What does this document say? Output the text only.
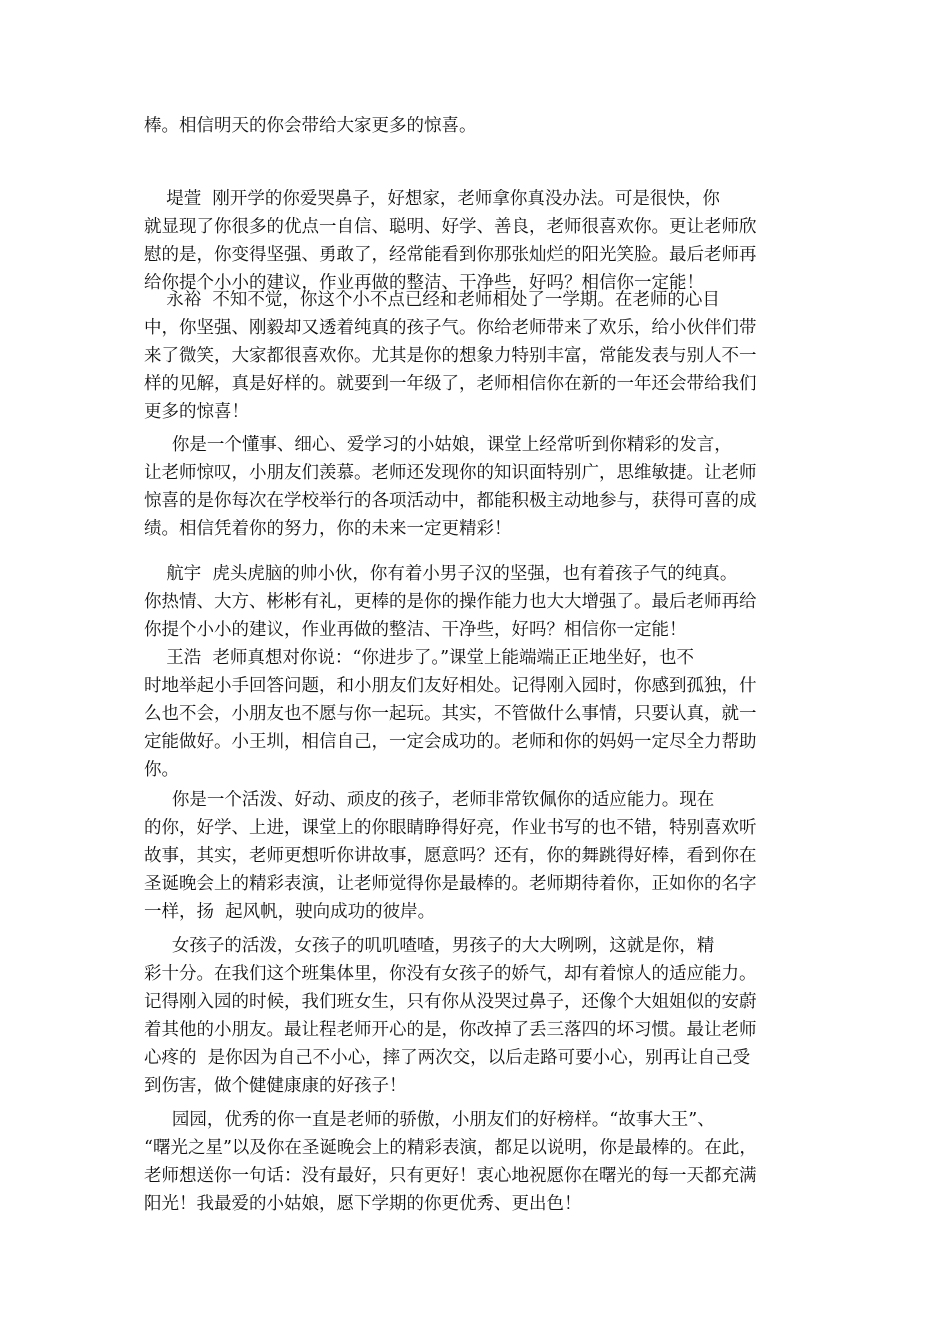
棒。相信明天的你会带给大家更多的惊喜。
堤萱  刚开学的你爱哭鼻子，好想家，老师拿你真没办法。可是很快，你
就显现了你很多的优点一自信、聪明、好学、善良，老师很喜欢你。更让老师欣
慰的是，你变得坚强、勇敢了，经常能看到你那张灿烂的阳光笑脸。最后老师再
给你提个小小的建议，作业再做的整洁、干净些，好吗？相信你一定能！
永裕  不知不觉，你这个小不点已经和老师相处了一学期。在老师的心目
中，你坚强、刚毅却又透着纯真的孩子气。你给老师带来了欢乐，给小伙伴们带
来了微笑，大家都很喜欢你。尤其是你的想象力特别丰富，常能发表与别人不一
样的见解，真是好样的。就要到一年级了，老师相信你在新的一年还会带给我们
更多的惊喜！
你是一个懂事、细心、爱学习的小姑娘，课堂上经常听到你精彩的发言，
让老师惊叹，小朋友们羡慕。老师还发现你的知识面特别广，思维敏捷。让老师
惊喜的是你每次在学校举行的各项活动中，都能积极主动地参与，获得可喜的成
绩。相信凭着你的努力，你的未来一定更精彩！
航宇  虎头虎脑的帅小伙，你有着小男子汉的坚强，也有着孩子气的纯真。
你热情、大方、彬彬有礼，更棒的是你的操作能力也大大增强了。最后老师再给
你提个小小的建议，作业再做的整洁、干净些，好吗？相信你一定能！
王浩  老师真想对你说：“你进步了。”课堂上能端端正正地坐好，也不
时地举起小手回答问题，和小朋友们友好相处。记得刚入园时，你感到孤独，什
么也不会，小朋友也不愿与你一起玩。其实，不管做什么事情，只要认真，就一
定能做好。小王圳，相信自己，一定会成功的。老师和你的妈妈一定尽全力帮助
你。
你是一个活泼、好动、顽皮的孩子，老师非常钦佩你的适应能力。现在
的你，好学、上进，课堂上的你眼睛睁得好亮，作业书写的也不错，特别喜欢听
故事，其实，老师更想听你讲故事，愿意吗？还有，你的舞跳得好棒，看到你在
圣诞晚会上的精彩表演，让老师觉得你是最棒的。老师期待着你，正如你的名字
一样，扬  起风帆，驶向成功的彼岸。
女孩子的活泼，女孩子的叽叽喳喳，男孩子的大大咧咧，这就是你，精
彩十分。在我们这个班集体里，你没有女孩子的娇气，却有着惊人的适应能力。
记得刚入园的时候，我们班女生，只有你从没哭过鼻子，还像个大姐姐似的安蔚
着其他的小朋友。最让程老师开心的是，你改掉了丢三落四的坏习惯。最让老师
心疼的  是你因为自己不小心，摔了两次交，以后走路可要小心，别再让自己受
到伤害，做个健健康康的好孩子！
园园，优秀的你一直是老师的骄傲，小朋友们的好榜样。“故事大王”、
“曙光之星”以及你在圣诞晚会上的精彩表演，都足以说明，你是最棒的。在此，
老师想送你一句话：没有最好，只有更好！衷心地祝愿你在曙光的每一天都充满
阳光！我最爱的小姑娘，愿下学期的你更优秀、更出色！
